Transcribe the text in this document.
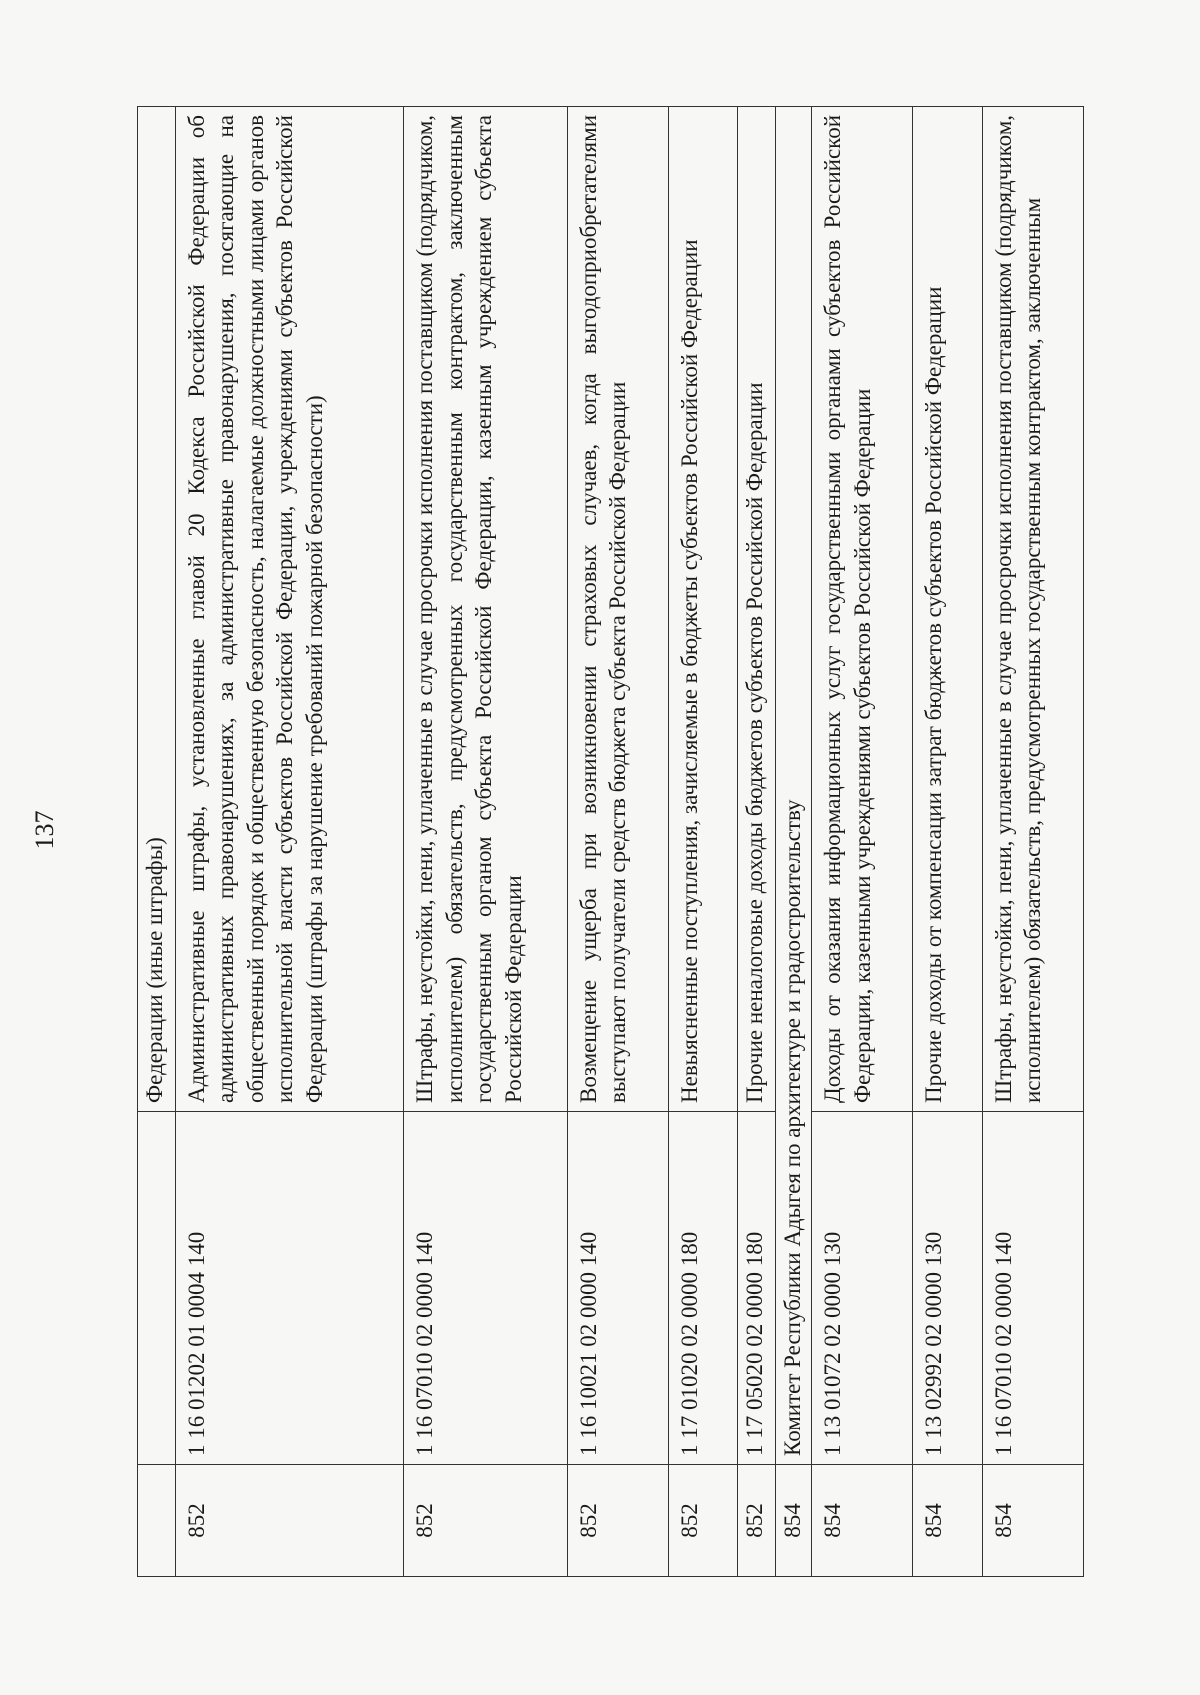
137
		Федерации (иные штрафы)
852	1 16 01202 01 0004 140	Административные штрафы, установленные главой 20 Кодекса Российской Федерации об административных правонарушениях, за административные правонарушения, посягающие на общественный порядок и общественную безопасность, налагаемые должностными лицами органов исполнительной власти субъектов Российской Федерации, учреждениями субъектов Российской Федерации (штрафы за нарушение требований пожарной безопасности)
852	1 16 07010 02 0000 140	Штрафы, неустойки, пени, уплаченные в случае просрочки исполнения поставщиком (подрядчиком, исполнителем) обязательств, предусмотренных государственным контрактом, заключенным государственным органом субъекта Российской Федерации, казенным учреждением субъекта Российской Федерации
852	1 16 10021 02 0000 140	Возмещение ущерба при возникновении страховых случаев, когда выгодоприобретателями выступают получатели средств бюджета субъекта Российской Федерации
852	1 17 01020 02 0000 180	Невыясненные поступления, зачисляемые в бюджеты субъектов Российской Федерации
852	1 17 05020 02 0000 180	Прочие неналоговые доходы бюджетов субъектов Российской Федерации
854	Комитет Республики Адыгея по архитектуре и градостроительству	
854	1 13 01072 02 0000 130	Доходы от оказания информационных услуг государственными органами субъектов Российской Федерации, казенными учреждениями субъектов Российской Федерации
854	1 13 02992 02 0000 130	Прочие доходы от компенсации затрат бюджетов субъектов Российской Федерации
854	1 16 07010 02 0000 140	Штрафы, неустойки, пени, уплаченные в случае просрочки исполнения поставщиком (подрядчиком, исполнителем) обязательств, предусмотренных государственным контрактом, заключенным
